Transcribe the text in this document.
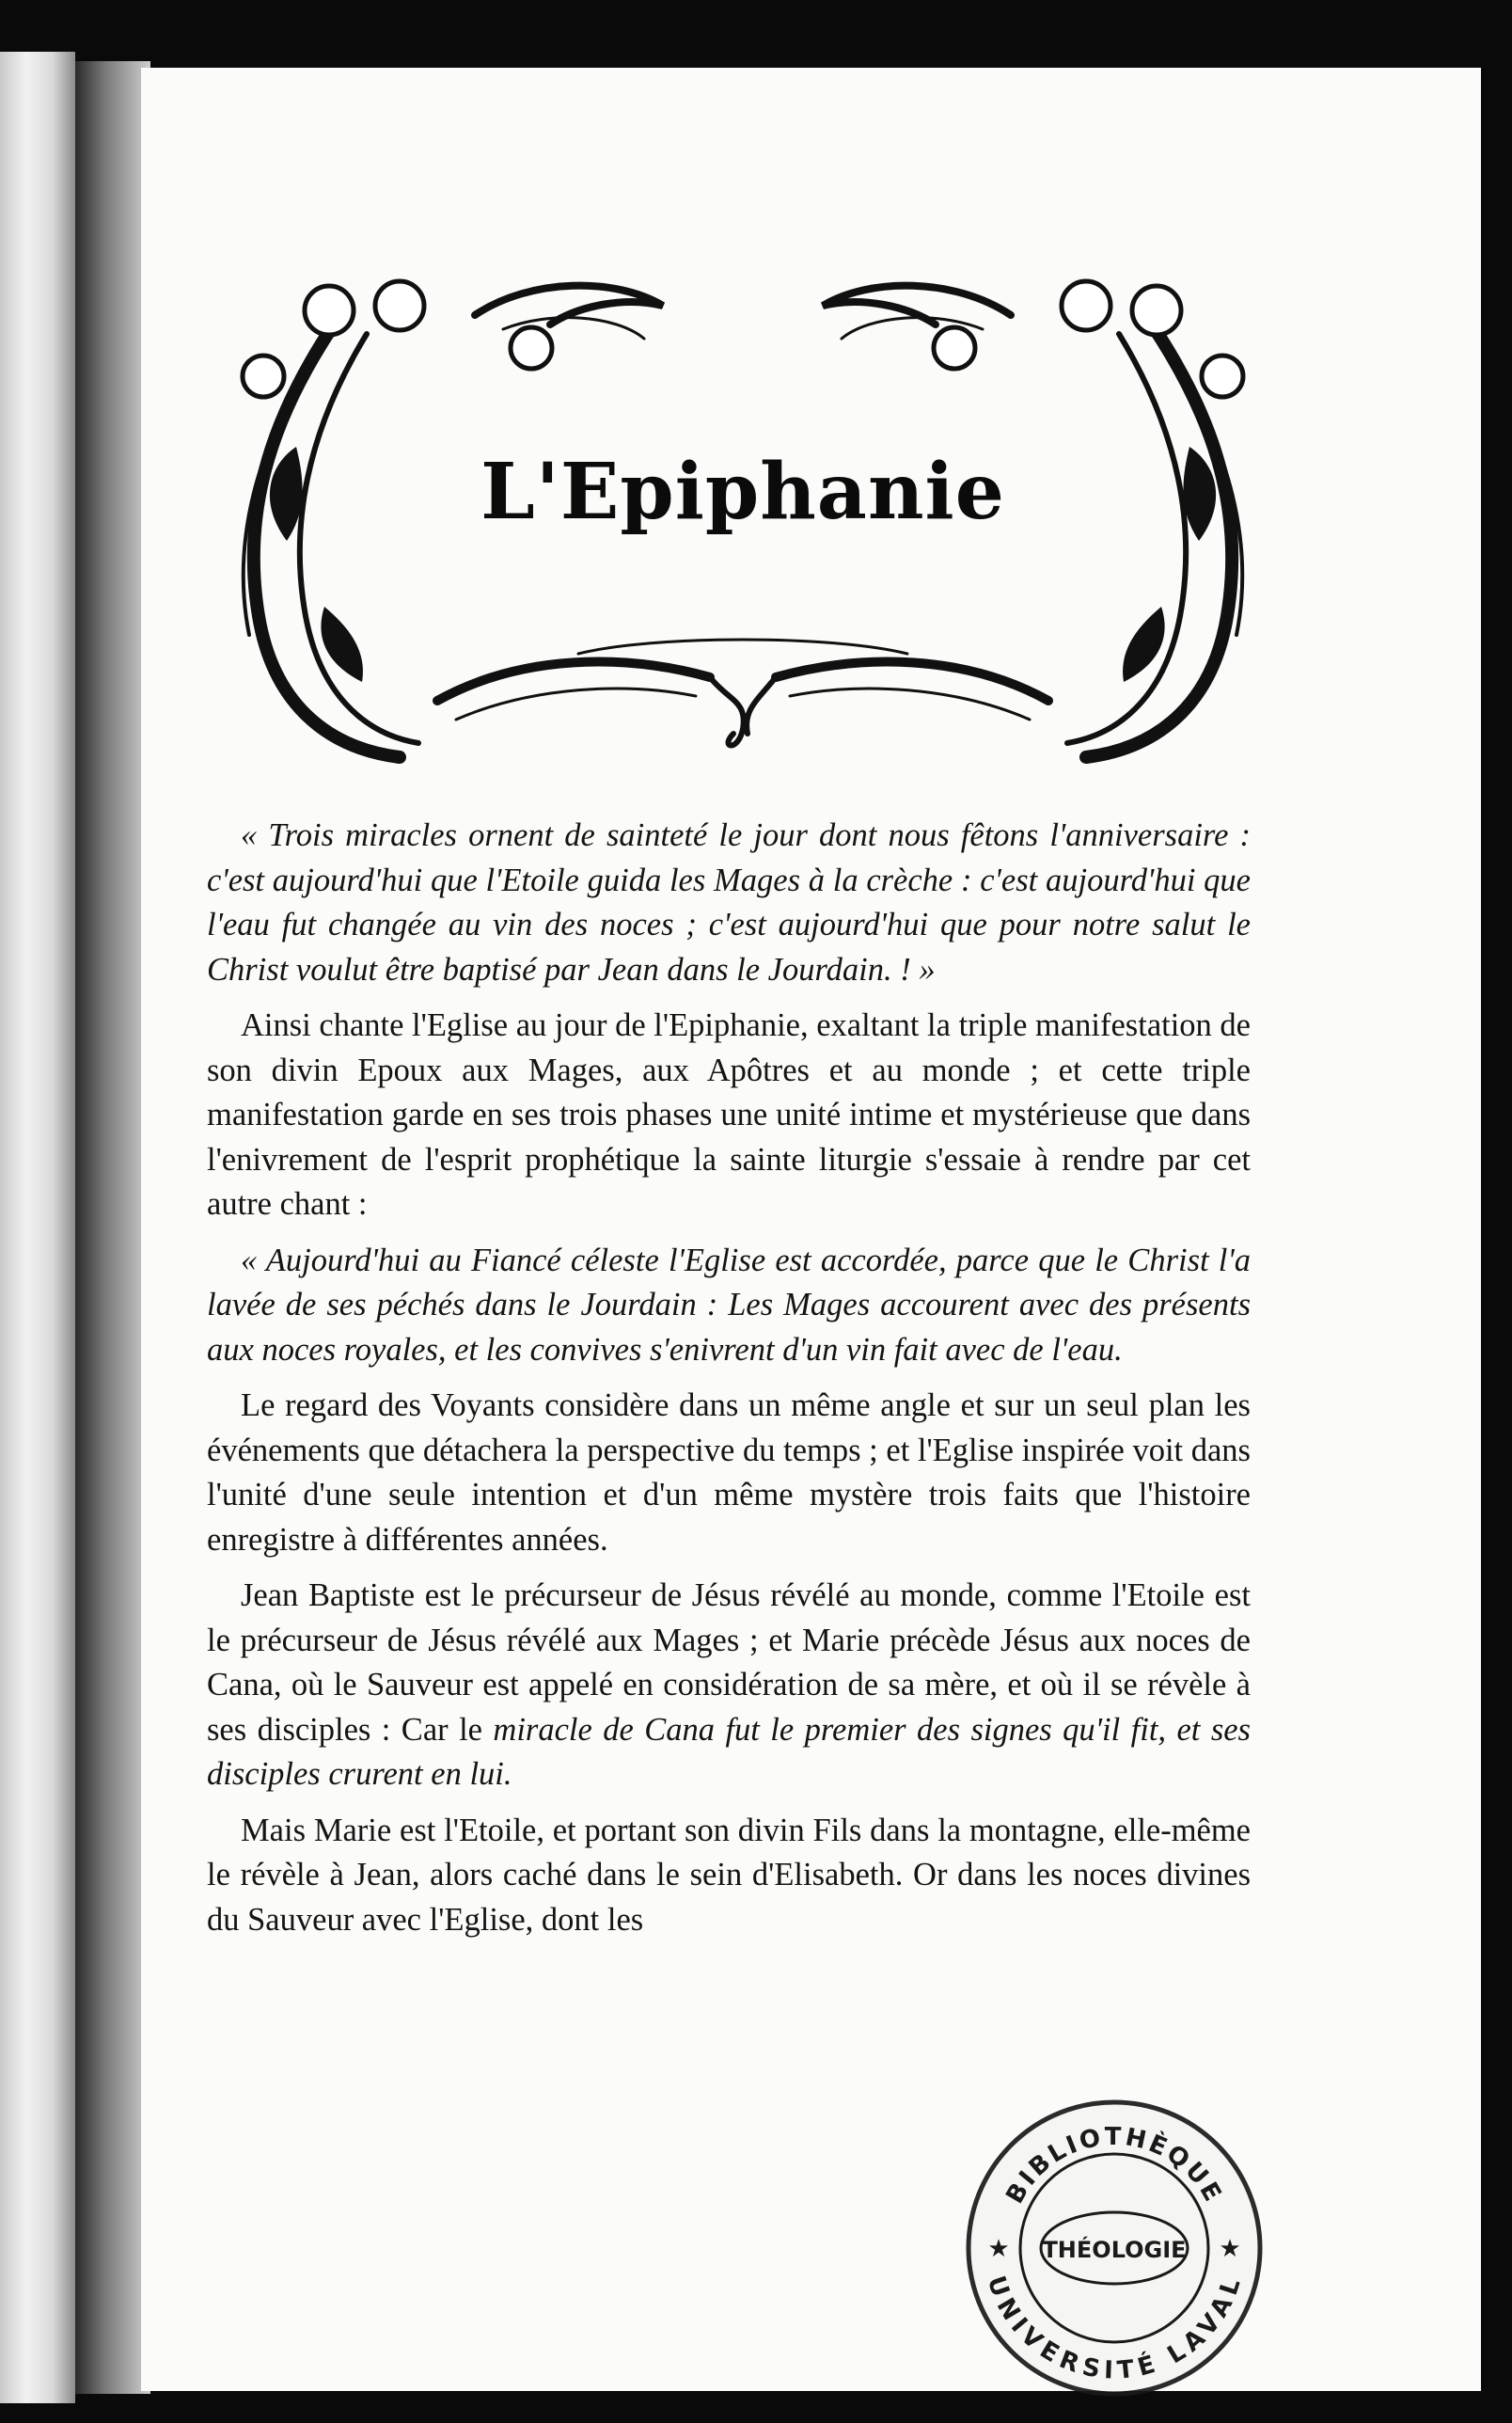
L'Epiphanie

« Trois miracles ornent de sainteté le jour dont nous fêtons l'anniversaire : c'est aujourd'hui que l'Etoile guida les Mages à la crèche : c'est aujourd'hui que l'eau fut changée au vin des noces ; c'est aujourd'hui que pour notre salut le Christ voulut être baptisé par Jean dans le Jourdain. ! »

Ainsi chante l'Eglise au jour de l'Epiphanie, exaltant la triple manifestation de son divin Epoux aux Mages, aux Apôtres et au monde ; et cette triple manifestation garde en ses trois phases une unité intime et mystérieuse que dans l'enivrement de l'esprit prophétique la sainte liturgie s'essaie à rendre par cet autre chant :

« Aujourd'hui au Fiancé céleste l'Eglise est accordée, parce que le Christ l'a lavée de ses péchés dans le Jourdain : Les Mages accourent avec des présents aux noces royales, et les convives s'enivrent d'un vin fait avec de l'eau.

Le regard des Voyants considère dans un même angle et sur un seul plan les événements que détachera la perspective du temps ; et l'Eglise inspirée voit dans l'unité d'une seule intention et d'un même mystère trois faits que l'histoire enregistre à différentes années.

Jean Baptiste est le précurseur de Jésus révélé au monde, comme l'Etoile est le précurseur de Jésus révélé aux Mages ; et Marie précède Jésus aux noces de Cana, où le Sauveur est appelé en considération de sa mère, et où il se révèle à ses disciples : Car le miracle de Cana fut le premier des signes qu'il fit, et ses disciples crurent en lui.

Mais Marie est l'Etoile, et portant son divin Fils dans la montagne, elle-même le révèle à Jean, alors caché dans le sein d'Elisabeth. Or dans les noces divines du Sauveur avec l'Eglise, dont les

BIBLIOTHÈQUE
THÉOLOGIE
UNIVERSITÉ LAVAL
★	★
